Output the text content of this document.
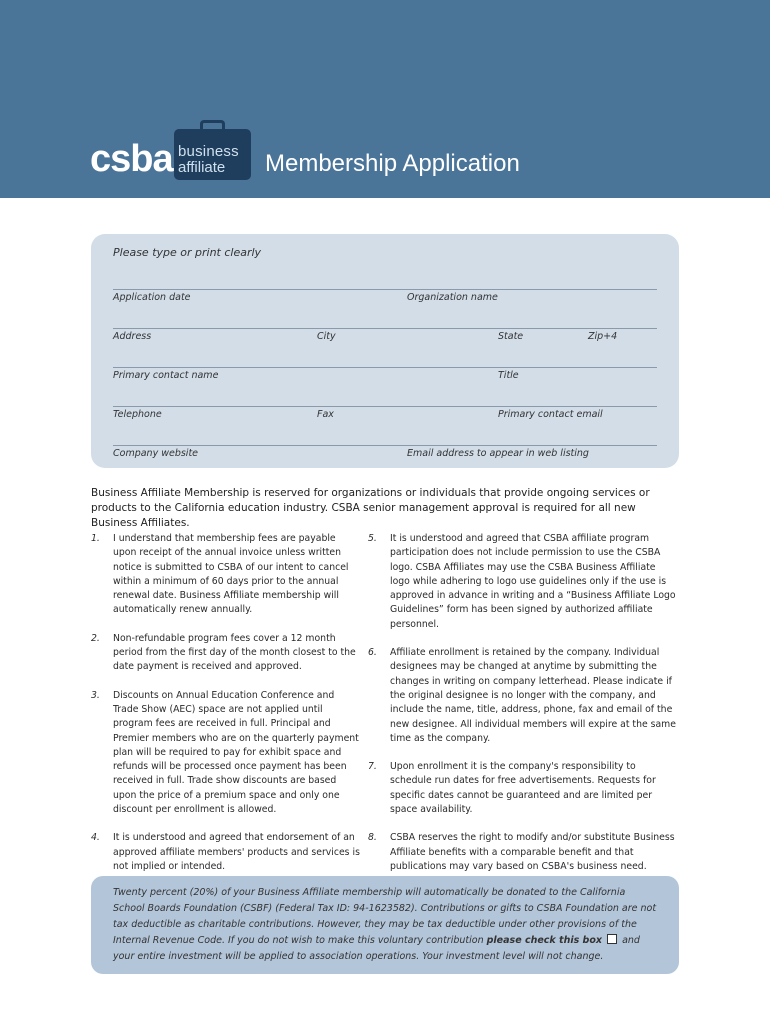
csba business
affiliate Membership Application
Please type or print clearly
Application date	Organization name
Address	City	State	Zip+4
Primary contact name	Title
Telephone	Fax	Primary contact email
Company website	Email address to appear in web listing
Business Affiliate Membership is reserved for organizations or individuals that provide ongoing services or products to the California education industry. CSBA senior management approval is required for all new Business Affiliates.
1. I understand that membership fees are payable upon receipt of the annual invoice unless written notice is submitted to CSBA of our intent to cancel within a minimum of 60 days prior to the annual renewal date. Business Affiliate membership will automatically renew annually.
2. Non-refundable program fees cover a 12 month period from the first day of the month closest to the date payment is received and approved.
3. Discounts on Annual Education Conference and Trade Show (AEC) space are not applied until program fees are received in full. Principal and Premier members who are on the quarterly payment plan will be required to pay for exhibit space and refunds will be processed once payment has been received in full. Trade show discounts are based upon the price of a premium space and only one discount per enrollment is allowed.
4. It is understood and agreed that endorsement of an approved affiliate members' products and services is not implied or intended.
5. It is understood and agreed that CSBA affiliate program participation does not include permission to use the CSBA logo. CSBA Affiliates may use the CSBA Business Affiliate logo while adhering to logo use guidelines only if the use is approved in advance in writing and a “Business Affiliate Logo Guidelines” form has been signed by authorized affiliate personnel.
6. Affiliate enrollment is retained by the company. Individual designees may be changed at anytime by submitting the changes in writing on company letterhead. Please indicate if the original designee is no longer with the company, and include the name, title, address, phone, fax and email of the new designee. All individual members will expire at the same time as the company.
7. Upon enrollment it is the company's responsibility to schedule run dates for free advertisements. Requests for specific dates cannot be guaranteed and are limited per space availability.
8. CSBA reserves the right to modify and/or substitute Business Affiliate benefits with a comparable benefit and that publications may vary based on CSBA's business need.
Twenty percent (20%) of your Business Affiliate membership will automatically be donated to the California School Boards Foundation (CSBF) (Federal Tax ID: 94-1623582). Contributions or gifts to CSBA Foundation are not tax deductible as charitable contributions. However, they may be tax deductible under other provisions of the Internal Revenue Code. If you do not wish to make this voluntary contribution please check this box  and your entire investment will be applied to association operations. Your investment level will not change.
